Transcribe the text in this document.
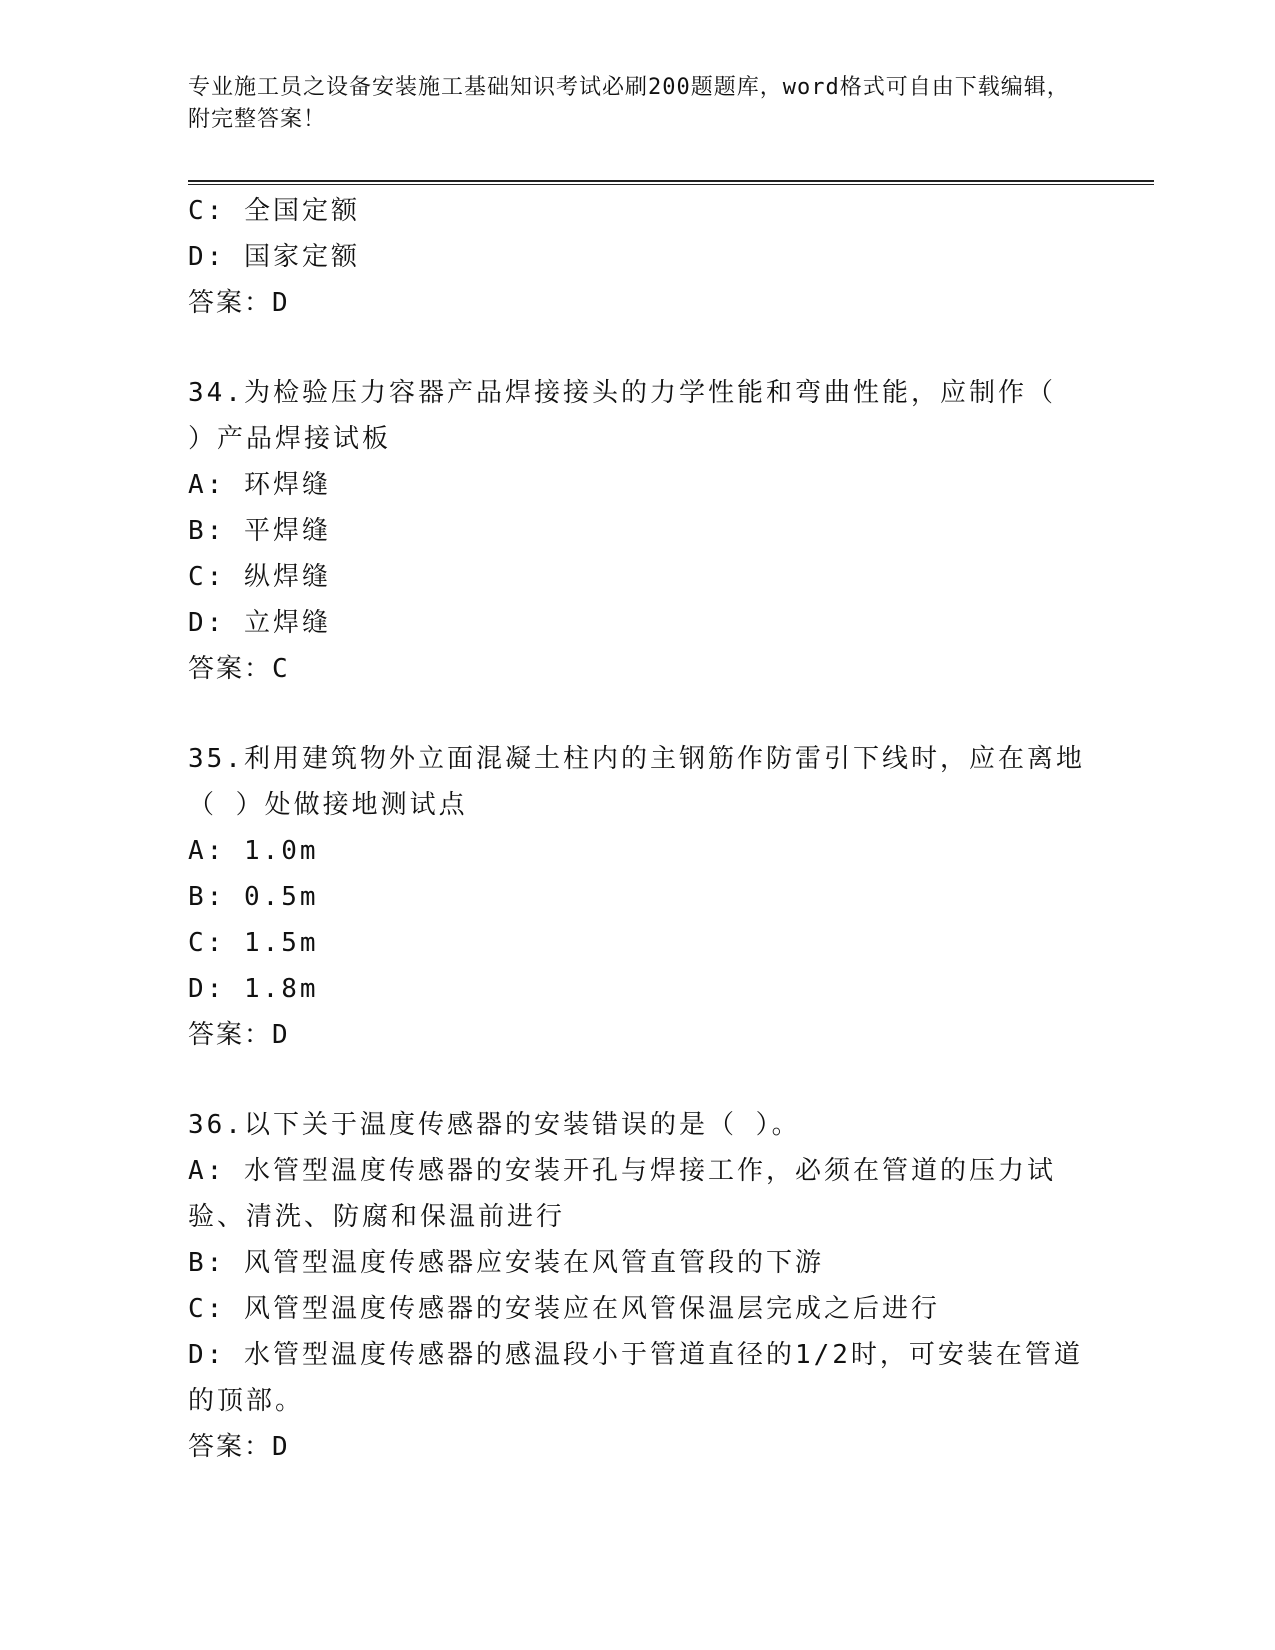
专业施工员之设备安装施工基础知识考试必刷200题题库，word格式可自由下载编辑，附完整答案！
C: 全国定额
D: 国家定额
答案：D
34.为检验压力容器产品焊接接头的力学性能和弯曲性能，应制作（ ）产品焊接试板
A: 环焊缝
B: 平焊缝
C: 纵焊缝
D: 立焊缝
答案：C
35.利用建筑物外立面混凝土柱内的主钢筋作防雷引下线时，应在离地（ ）处做接地测试点
A: 1.0m
B: 0.5m
C: 1.5m
D: 1.8m
答案：D
36.以下关于温度传感器的安装错误的是（ ）。
A: 水管型温度传感器的安装开孔与焊接工作，必须在管道的压力试验、清洗、防腐和保温前进行
B: 风管型温度传感器应安装在风管直管段的下游
C: 风管型温度传感器的安装应在风管保温层完成之后进行
D: 水管型温度传感器的感温段小于管道直径的1/2时，可安装在管道的顶部。
答案：D
